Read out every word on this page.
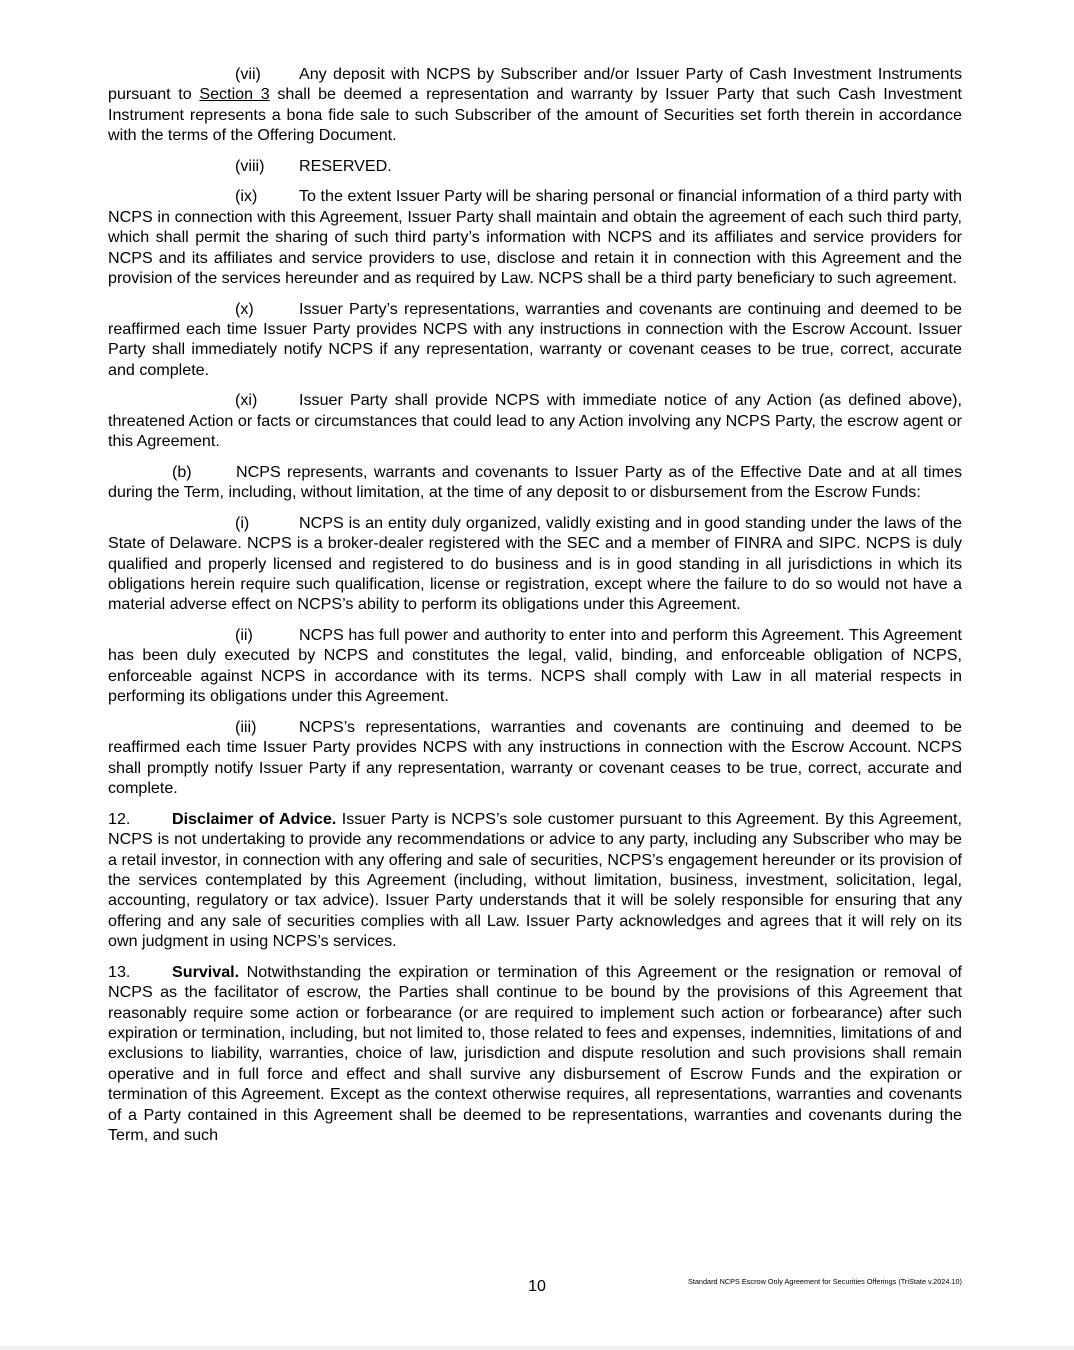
(vii) Any deposit with NCPS by Subscriber and/or Issuer Party of Cash Investment Instruments pursuant to Section 3 shall be deemed a representation and warranty by Issuer Party that such Cash Investment Instrument represents a bona fide sale to such Subscriber of the amount of Securities set forth therein in accordance with the terms of the Offering Document.

(viii) RESERVED.

(ix)	To the extent Issuer Party will be sharing personal or financial information of a third party with NCPS in connection with this Agreement, Issuer Party shall maintain and obtain the agreement of each such third party, which shall permit the sharing of such third party’s information with NCPS and its affiliates and service providers for NCPS and its affiliates and service providers to use, disclose and retain it in connection with this Agreement and the provision of the services hereunder and as required by Law. NCPS shall be a third party beneficiary to such agreement.

(x)	Issuer Party’s representations, warranties and covenants are continuing and deemed to be reaffirmed each time Issuer Party provides NCPS with any instructions in connection with the Escrow Account. Issuer Party shall immediately notify NCPS if any representation, warranty or covenant ceases to be true, correct, accurate and complete.

(xi)	Issuer Party shall provide NCPS with immediate notice of any Action (as defined above), threatened Action or facts or circumstances that could lead to any Action involving any NCPS Party, the escrow agent or this Agreement.

(b)	NCPS represents, warrants and covenants to Issuer Party as of the Effective Date and at all times during the Term, including, without limitation, at the time of any deposit to or disbursement from the Escrow Funds:

(i)	NCPS is an entity duly organized, validly existing and in good standing under the laws of the State of Delaware. NCPS is a broker-dealer registered with the SEC and a member of FINRA and SIPC. NCPS is duly qualified and properly licensed and registered to do business and is in good standing in all jurisdictions in which its obligations herein require such qualification, license or registration, except where the failure to do so would not have a material adverse effect on NCPS’s ability to perform its obligations under this Agreement.

(ii)	NCPS has full power and authority to enter into and perform this Agreement. This Agreement has been duly executed by NCPS and constitutes the legal, valid, binding, and enforceable obligation of NCPS, enforceable against NCPS in accordance with its terms. NCPS shall comply with Law in all material respects in performing its obligations under this Agreement.

(iii)	NCPS’s representations, warranties and covenants are continuing and deemed to be reaffirmed each time Issuer Party provides NCPS with any instructions in connection with the Escrow Account. NCPS shall promptly notify Issuer Party if any representation, warranty or covenant ceases to be true, correct, accurate and complete.

12.	Disclaimer of Advice. Issuer Party is NCPS’s sole customer pursuant to this Agreement. By this Agreement, NCPS is not undertaking to provide any recommendations or advice to any party, including any Subscriber who may be a retail investor, in connection with any offering and sale of securities, NCPS’s engagement hereunder or its provision of the services contemplated by this Agreement (including, without limitation, business, investment, solicitation, legal, accounting, regulatory or tax advice). Issuer Party understands that it will be solely responsible for ensuring that any offering and any sale of securities complies with all Law. Issuer Party acknowledges and agrees that it will rely on its own judgment in using NCPS’s services.

13.	Survival. Notwithstanding the expiration or termination of this Agreement or the resignation or removal of NCPS as the facilitator of escrow, the Parties shall continue to be bound by the provisions of this Agreement that reasonably require some action or forbearance (or are required to implement such action or forbearance) after such expiration or termination, including, but not limited to, those related to fees and expenses, indemnities, limitations of and exclusions to liability, warranties, choice of law, jurisdiction and dispute resolution and such provisions shall remain operative and in full force and effect and shall survive any disbursement of Escrow Funds and the expiration or termination of this Agreement. Except as the context otherwise requires, all representations, warranties and covenants of a Party contained in this Agreement shall be deemed to be representations, warranties and covenants during the Term, and such

10	Standard NCPS Escrow Only Agreement for Securities Offerings (TriState v.2024.10)
